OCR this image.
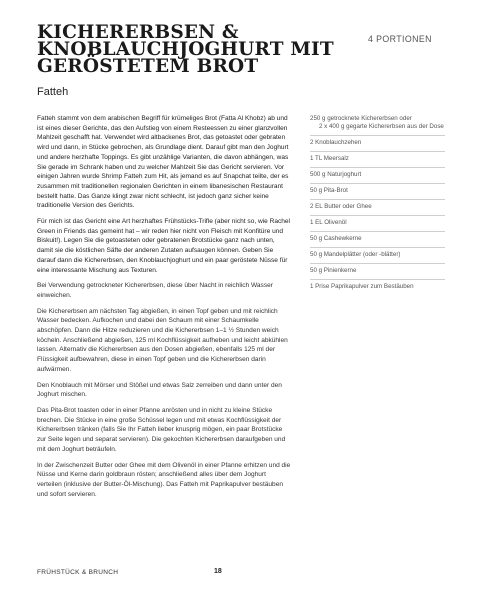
KICHERERBSEN & KNOBLAUCHJOGHURT MIT GERÖSTETEM BROT
Fatteh
4 PORTIONEN

Fatteh stammt von dem arabischen Begriff für krümeliges Brot (Fatta Al Khobz) ab und ist eines dieser Gerichte, das den Aufstieg von einem Resteessen zu einer glanzvollen Mahlzeit geschafft hat. Verwendet wird altbackenes Brot, das getoastet oder gebraten wird und dann, in Stücke gebrochen, als Grundlage dient. Darauf gibt man den Joghurt und andere herzhafte Toppings. Es gibt unzählige Varianten, die davon abhängen, was Sie gerade im Schrank haben und zu welcher Mahlzeit Sie das Gericht servieren. Vor einigen Jahren wurde Shrimp Fatteh zum Hit, als jemand es auf Snapchat teilte, der es zusammen mit traditionellen regionalen Gerichten in einem libanesischen Restaurant bestellt hatte. Das Ganze klingt zwar nicht schlecht, ist jedoch ganz sicher keine traditionelle Version des Gerichts.

Für mich ist das Gericht eine Art herzhaftes Frühstücks-Trifle (aber nicht so, wie Rachel Green in Friends das gemeint hat – wir reden hier nicht von Fleisch mit Konfitüre und Biskuit!). Legen Sie die getoasteten oder gebratenen Brotstücke ganz nach unten, damit sie die köstlichen Säfte der anderen Zutaten aufsaugen können. Geben Sie darauf dann die Kichererbsen, den Knoblauchjoghurt und ein paar geröstete Nüsse für eine interessante Mischung aus Texturen.

Bei Verwendung getrockneter Kichererbsen, diese über Nacht in reichlich Wasser einweichen.

Die Kichererbsen am nächsten Tag abgießen, in einen Topf geben und mit reichlich Wasser bedecken. Aufkochen und dabei den Schaum mit einer Schaumkelle abschöpfen. Dann die Hitze reduzieren und die Kichererbsen 1–1 ½ Stunden weich köcheln. Anschließend abgießen, 125 ml Kochflüssigkeit aufheben und leicht abkühlen lassen. Alternativ die Kichererbsen aus den Dosen abgießen, ebenfalls 125 ml der Flüssigkeit aufbewahren, diese in einen Topf geben und die Kichererbsen darin aufwärmen.

Den Knoblauch mit Mörser und Stößel und etwas Salz zerreiben und dann unter den Joghurt mischen.

Das Pita-Brot toasten oder in einer Pfanne anrösten und in nicht zu kleine Stücke brechen. Die Stücke in eine große Schüssel legen und mit etwas Kochflüssigkeit der Kichererbsen tränken (falls Sie Ihr Fatteh lieber knusprig mögen, ein paar Brotstücke zur Seite legen und separat servieren). Die gekochten Kichererbsen daraufgeben und mit dem Joghurt beträufeln.

In der Zwischenzeit Butter oder Ghee mit dem Olivenöl in einer Pfanne erhitzen und die Nüsse und Kerne darin goldbraun rösten; anschließend alles über dem Joghurt verteilen (inklusive der Butter-Öl-Mischung). Das Fatteh mit Paprikapulver bestäuben und sofort servieren.

250 g getrocknete Kichererbsen oder
2 x 400 g gegarte Kichererbsen aus der Dose
2 Knoblauchzehen
1 TL Meersalz
500 g Naturjoghurt
50 g Pita-Brot
2 EL Butter oder Ghee
1 EL Olivenöl
50 g Cashewkerne
50 g Mandelplätter (oder -blätter)
50 g Pinienkerne
1 Prise Paprikapulver zum Bestäuben
FRÜHSTÜCK & BRUNCH	18
